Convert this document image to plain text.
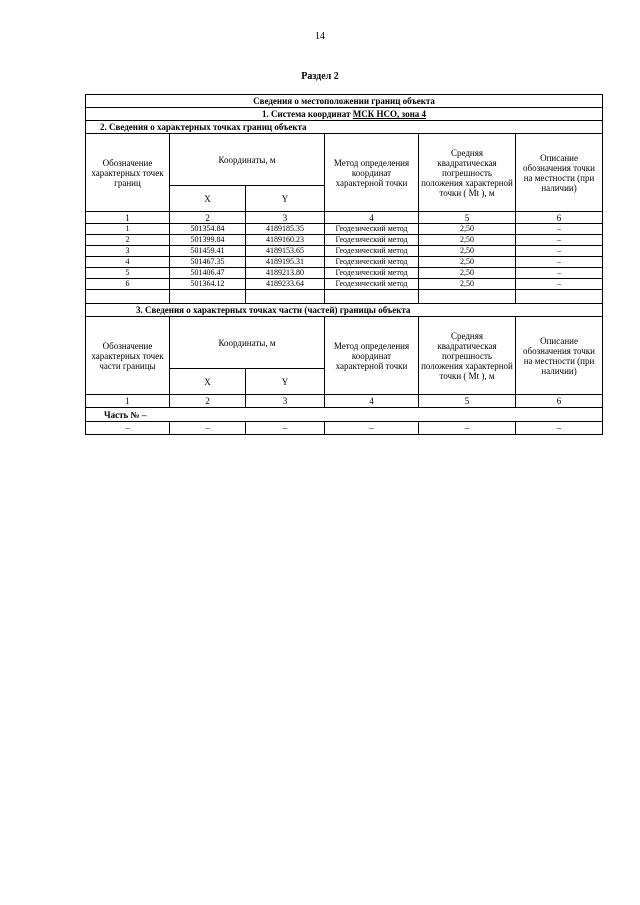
14
Раздел 2
Сведения о местоположении границ объекта					
1. Система координат МСК НСО, зона 4					
2. Сведения о характерных точках границ объекта					
Обозначение характерных точек границ	Координаты, м		Метод определения координат характерной точки	Средняя квадратическая погрешность положения характерной точки ( Mt ), м	Описание обозначения точки на местности (при наличии)
	X	Y			
1	2	3	4	5	6
1	501354.84	4189185.35	Геодезический метод	2,50	–
2	501399.84	4189160.23	Геодезический метод	2,50	–
3	501459.41	4189153.65	Геодезический метод	2,50	–
4	501467.35	4189195.31	Геодезический метод	2,50	–
5	501406.47	4189213.80	Геодезический метод	2,50	–
6	501364.12	4189233.64	Геодезический метод	2,50	–

3. Сведения о характерных точках части (частей) границы объекта					
Обозначение характерных точек части границы	Координаты, м		Метод определения координат характерной точки	Средняя квадратическая погрешность положения характерной точки ( Mt ), м	Описание обозначения точки на местности (при наличии)
	X	Y			
1	2	3	4	5	6
Часть № –					
–	–	–	–	–	–
